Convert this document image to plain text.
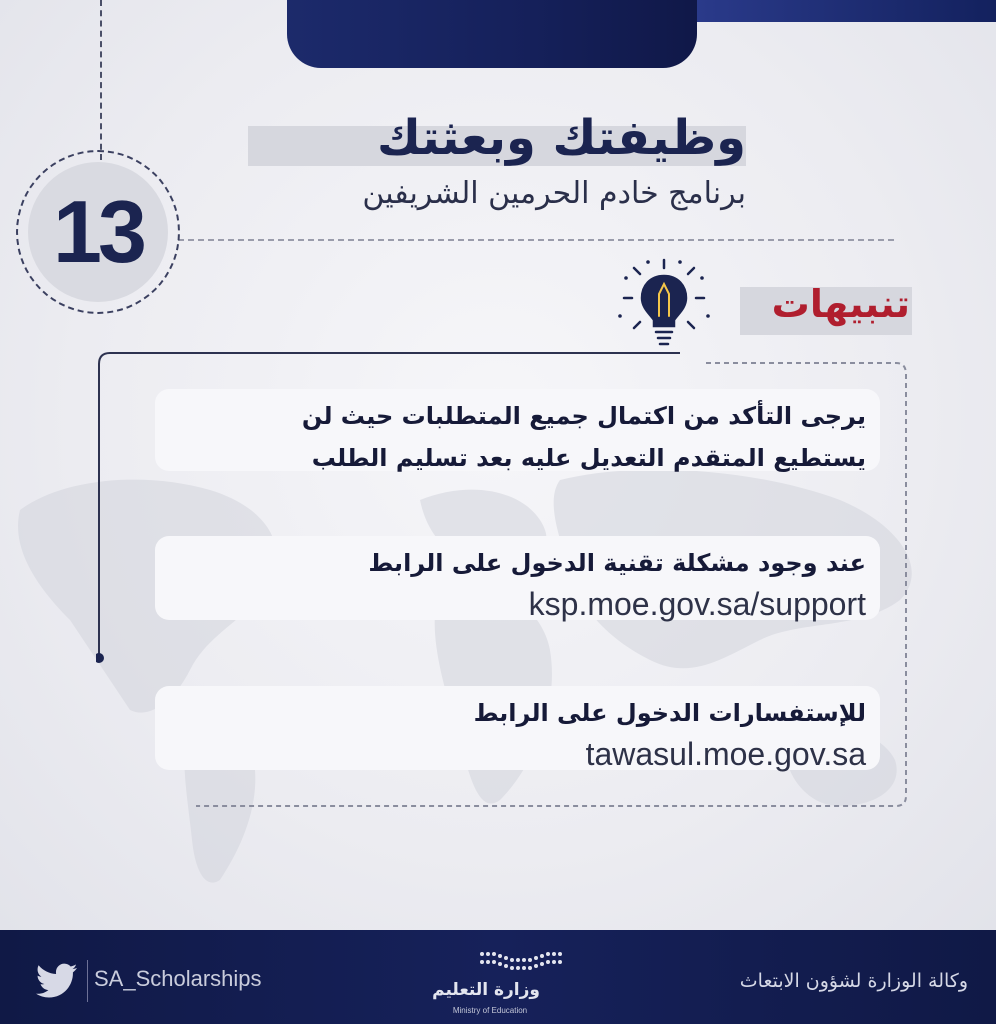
وظيفتك وبعثتك
برنامج خادم الحرمين الشريفين
13
تنبيهات

يرجى التأكد من اكتمال جميع المتطلبات حيث لن

يستطيع المتقدم التعديل عليه بعد تسليم الطلب

عند وجود مشكلة تقنية الدخول على الرابط

ksp.moe.gov.sa/support

للإستفسارات الدخول على الرابط

tawasul.moe.gov.sa

SA_Scholarships	وزارة التعليم
Ministry of Education
وكالة الوزارة لشؤون الابتعاث
